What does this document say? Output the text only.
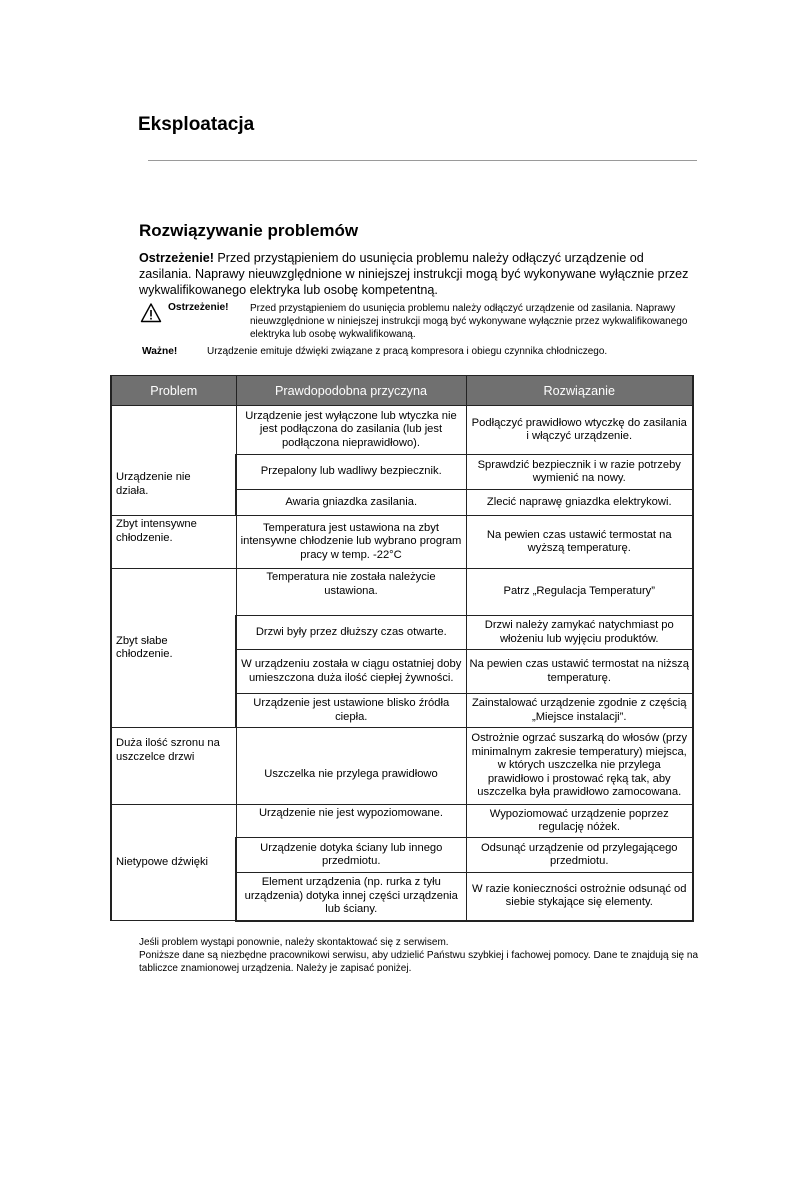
Eksploatacja
Rozwiązywanie problemów

Ostrzeżenie! Przed przystąpieniem do usunięcia problemu należy odłączyć urządzenie od zasilania. Naprawy nieuwzględnione w niniejszej instrukcji mogą być wykonywane wyłącznie przez wykwalifikowanego elektryka lub osobę kompetentną.

Ostrzeżenie! Przed przystąpieniem do usunięcia problemu należy odłączyć urządzenie od zasilania. Naprawy nieuwzględnione w niniejszej instrukcji mogą być wykonywane wyłącznie przez wykwalifikowanego elektryka lub osobę wykwalifikowaną.
Ważne!	Urządzenie emituje dźwięki związane z pracą kompresora i obiegu czynnika chłodniczego.
Problem	Prawdopodobna przyczyna	Rozwiązanie
Urządzenie nie działa.	Urządzenie jest wyłączone lub wtyczka nie jest podłączona do zasilania (lub jest podłączona nieprawidłowo).	Podłączyć prawidłowo wtyczkę do zasilania i włączyć urządzenie.
	Przepalony lub wadliwy bezpiecznik.	Sprawdzić bezpiecznik i w razie potrzeby wymienić na nowy.
	Awaria gniazdka zasilania.	Zlecić naprawę gniazdka elektrykowi.
Zbyt intensywne chłodzenie.	Temperatura jest ustawiona na zbyt intensywne chłodzenie lub wybrano program pracy w temp. -22°C	Na pewien czas ustawić termostat na wyższą temperaturę.
Zbyt słabe chłodzenie.	Temperatura nie została należycie ustawiona.	Patrz „Regulacja Temperatury”
	Drzwi były przez dłuższy czas otwarte.	Drzwi należy zamykać natychmiast po włożeniu lub wyjęciu produktów.
	W urządzeniu została w ciągu ostatniej doby umieszczona duża ilość ciepłej żywności.	Na pewien czas ustawić termostat na niższą temperaturę.
	Urządzenie jest ustawione blisko źródła ciepła.	Zainstalować urządzenie zgodnie z częścią „Miejsce instalacji”.
Duża ilość szronu na uszczelce drzwi	Uszczelka nie przylega prawidłowo	Ostrożnie ogrzać suszarką do włosów (przy minimalnym zakresie temperatury) miejsca, w których uszczelka nie przylega prawidłowo i prostować ręką tak, aby uszczelka była prawidłowo zamocowana.
Nietypowe dźwięki	Urządzenie nie jest wypoziomowane.	Wypoziomować urządzenie poprzez regulację nóżek.
	Urządzenie dotyka ściany lub innego przedmiotu.	Odsunąć urządzenie od przylegającego przedmiotu.
	Element urządzenia (np. rurka z tyłu urządzenia) dotyka innej części urządzenia lub ściany.	W razie konieczności ostrożnie odsunąć od siebie stykające się elementy.
Jeśli problem wystąpi ponownie, należy skontaktować się z serwisem.
Poniższe dane są niezbędne pracownikowi serwisu, aby udzielić Państwu szybkiej i fachowej pomocy. Dane te znajdują się na tabliczce znamionowej urządzenia. Należy je zapisać poniżej.
